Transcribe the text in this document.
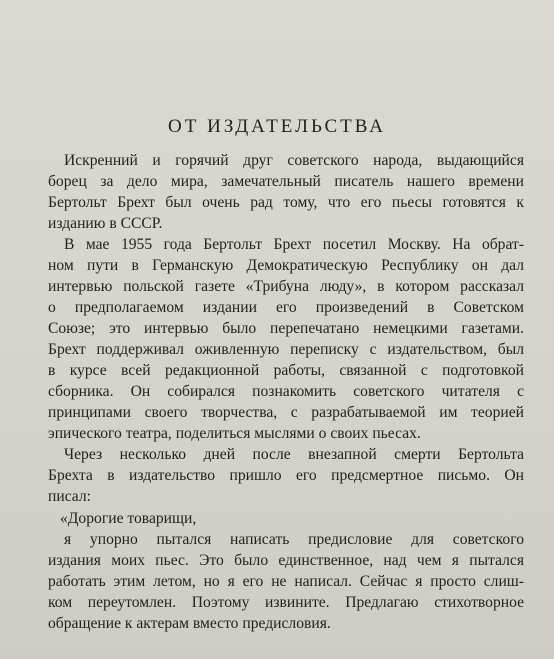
ОТ ИЗДАТЕЛЬСТВА
Искренний и горячий друг советского народа, выдающийся
борец за дело мира, замечательный писатель нашего времени
Бертольт Брехт был очень рад тому, что его пьесы готовятся к
изданию в СССР.
В мае 1955 года Бертольт Брехт посетил Москву. На обрат-
ном пути в Германскую Демократическую Республику он дал
интервью польской газете «Трибуна люду», в котором рассказал
о предполагаемом издании его произведений в Советском
Союзе; это интервью было перепечатано немецкими газетами.
Брехт поддерживал оживленную переписку с издательством, был
в курсе всей редакционной работы, связанной с подготовкой
сборника. Он собирался познакомить советского читателя с
принципами своего творчества, с разрабатываемой им теорией
эпического театра, поделиться мыслями о своих пьесах.
Через несколько дней после внезапной смерти Бертольта
Брехта в издательство пришло его предсмертное письмо. Он
писал:
«Дорогие товарищи,
я упорно пытался написать предисловие для советского
издания моих пьес. Это было единственное, над чем я пытался
работать этим летом, но я его не написал. Сейчас я просто слиш-
ком переутомлен. Поэтому извините. Предлагаю стихотворное
обращение к актерам вместо предисловия.
